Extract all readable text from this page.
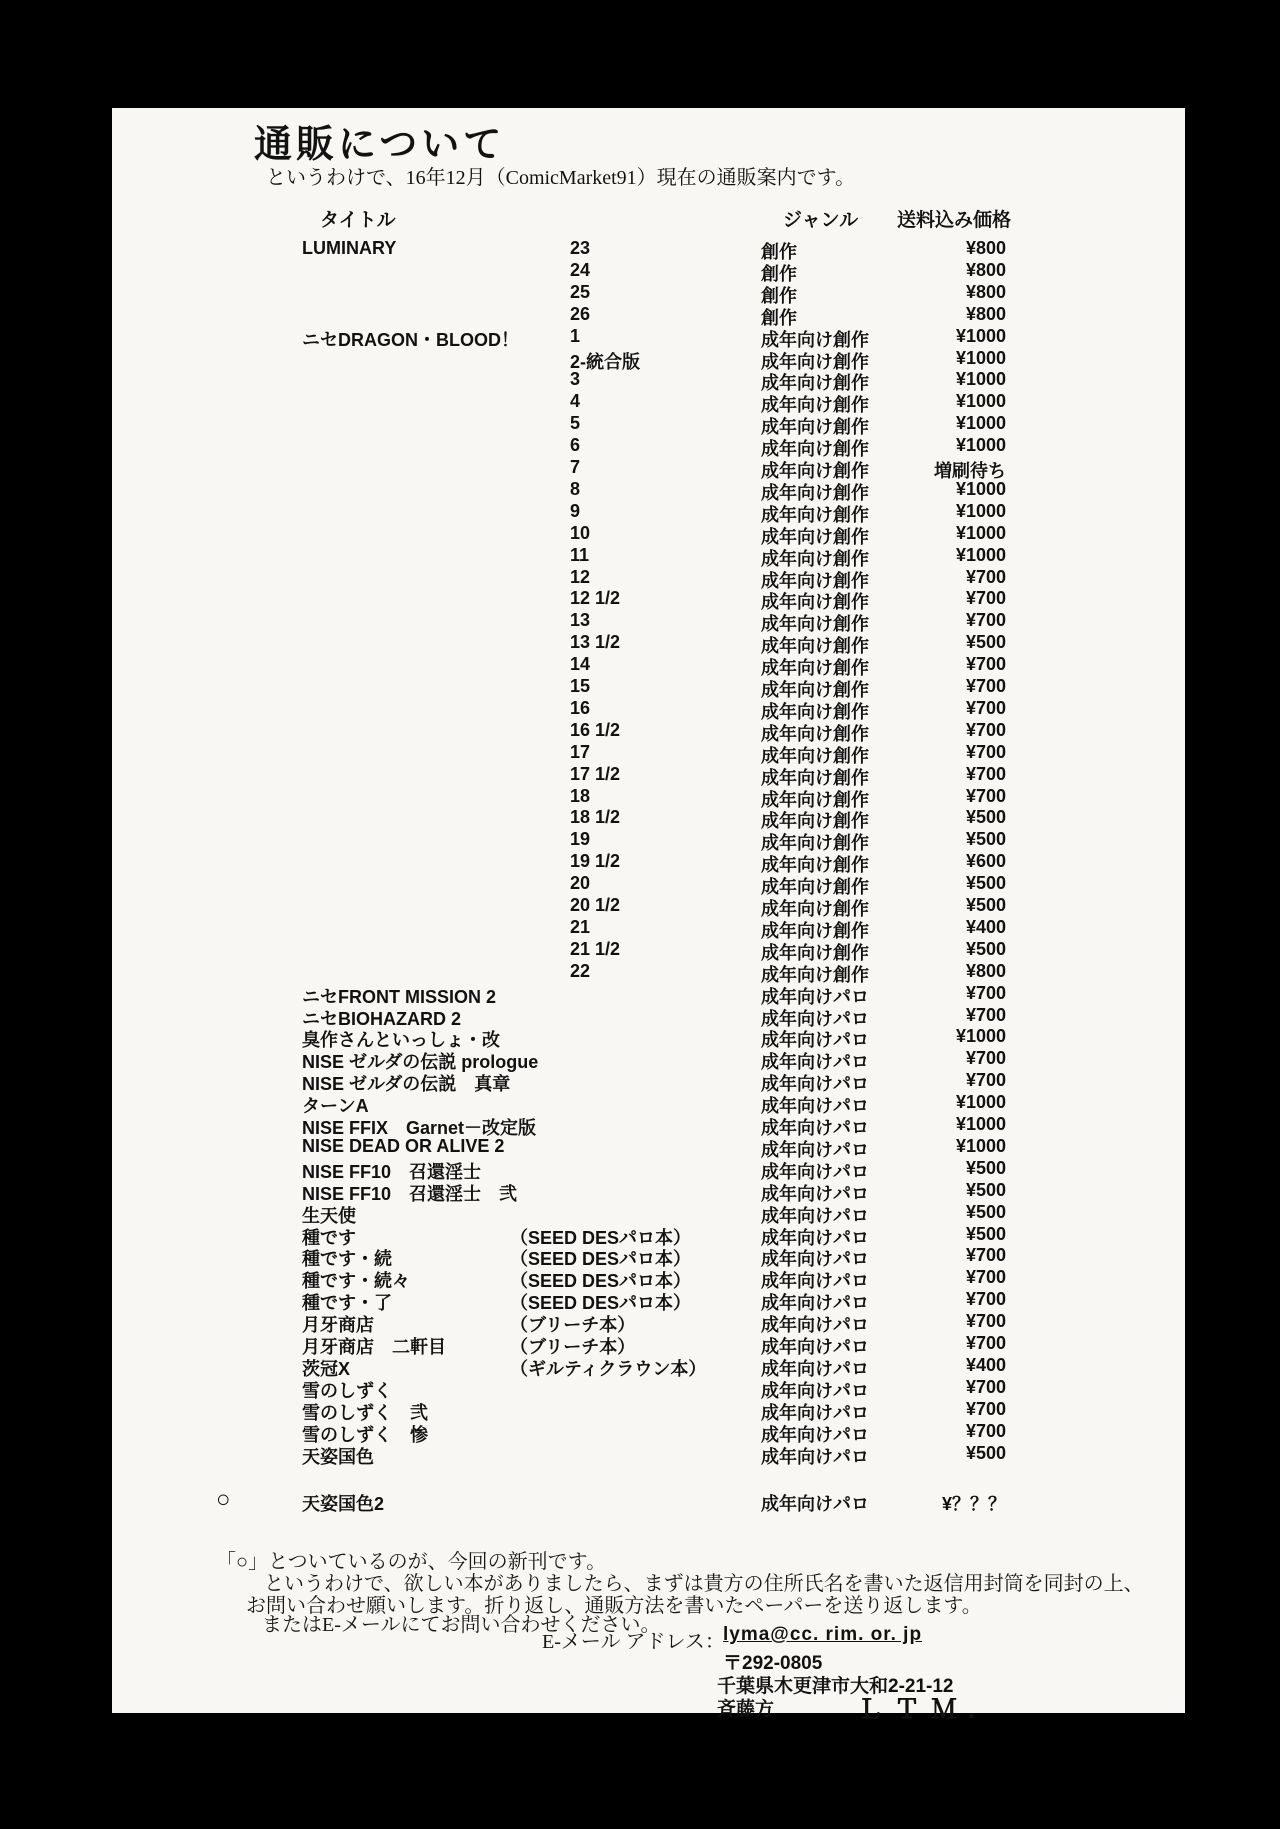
通販について
というわけで、16年12月（ComicMarket91）現在の通販案内です。
タイトル	ジャンル 送料込み価格
LUMINARY	23	創作	¥800
24	創作	¥800
25	創作	¥800
26	創作	¥800
ニセDRAGON・BLOOD！	1	成年向け創作	¥1000
2-統合版	成年向け創作	¥1000
3	成年向け創作	¥1000
4	成年向け創作	¥1000
5	成年向け創作	¥1000
6	成年向け創作	¥1000
7	成年向け創作	増刷待ち
8	成年向け創作	¥1000
9	成年向け創作	¥1000
10	成年向け創作	¥1000
11	成年向け創作	¥1000
12	成年向け創作	¥700
12 1/2	成年向け創作	¥700
13	成年向け創作	¥700
13 1/2	成年向け創作	¥500
14	成年向け創作	¥700
15	成年向け創作	¥700
16	成年向け創作	¥700
16 1/2	成年向け創作	¥700
17	成年向け創作	¥700
17 1/2	成年向け創作	¥700
18	成年向け創作	¥700
18 1/2	成年向け創作	¥500
19	成年向け創作	¥500
19 1/2	成年向け創作	¥600
20	成年向け創作	¥500
20 1/2	成年向け創作	¥500
21	成年向け創作	¥400
21 1/2	成年向け創作	¥500
22	成年向け創作	¥800
ニセFRONT MISSION 2	成年向けパロ	¥700
ニセBIOHAZARD 2	成年向けパロ	¥700
臭作さんといっしょ・改	成年向けパロ	¥1000
NISE ゼルダの伝説 prologue	成年向けパロ	¥700
NISE ゼルダの伝説　真章	成年向けパロ	¥700
ターンA	成年向けパロ	¥1000
NISE FFIX　Garnet－改定版	成年向けパロ	¥1000
NISE DEAD OR ALIVE 2	成年向けパロ	¥1000
NISE FF10　召還淫士	成年向けパロ	¥500
NISE FF10　召還淫士　弐	成年向けパロ	¥500
生天使	成年向けパロ	¥500
種です	（SEED DESパロ本）	成年向けパロ	¥500
種です・続	（SEED DESパロ本）	成年向けパロ	¥700
種です・続々	（SEED DESパロ本）	成年向けパロ	¥700
種です・了	（SEED DESパロ本）	成年向けパロ	¥700
月牙商店	（ブリーチ本）	成年向けパロ	¥700
月牙商店　二軒目	（ブリーチ本）	成年向けパロ	¥700
茨冠X	（ギルティクラウン本）	成年向けパロ	¥400
雪のしずく	成年向けパロ	¥700
雪のしずく　弐	成年向けパロ	¥700
雪のしずく　惨	成年向けパロ	¥700
天姿国色	成年向けパロ	¥500
○	天姿国色2	成年向けパロ	¥？？？
「○」とついているのが、今回の新刊です。
というわけで、欲しい本がありましたら、まずは貴方の住所氏名を書いた返信用封筒を同封の上、
お問い合わせ願いします。折り返し、通販方法を書いたペーパーを送り返します。
またはE-メールにてお問い合わせください。
E-メール アドレス：
lyma@cc. rim. or. jp
〒292-0805
千葉県木更津市大和2-21-12
斉藤方	ＬＴＭ.
